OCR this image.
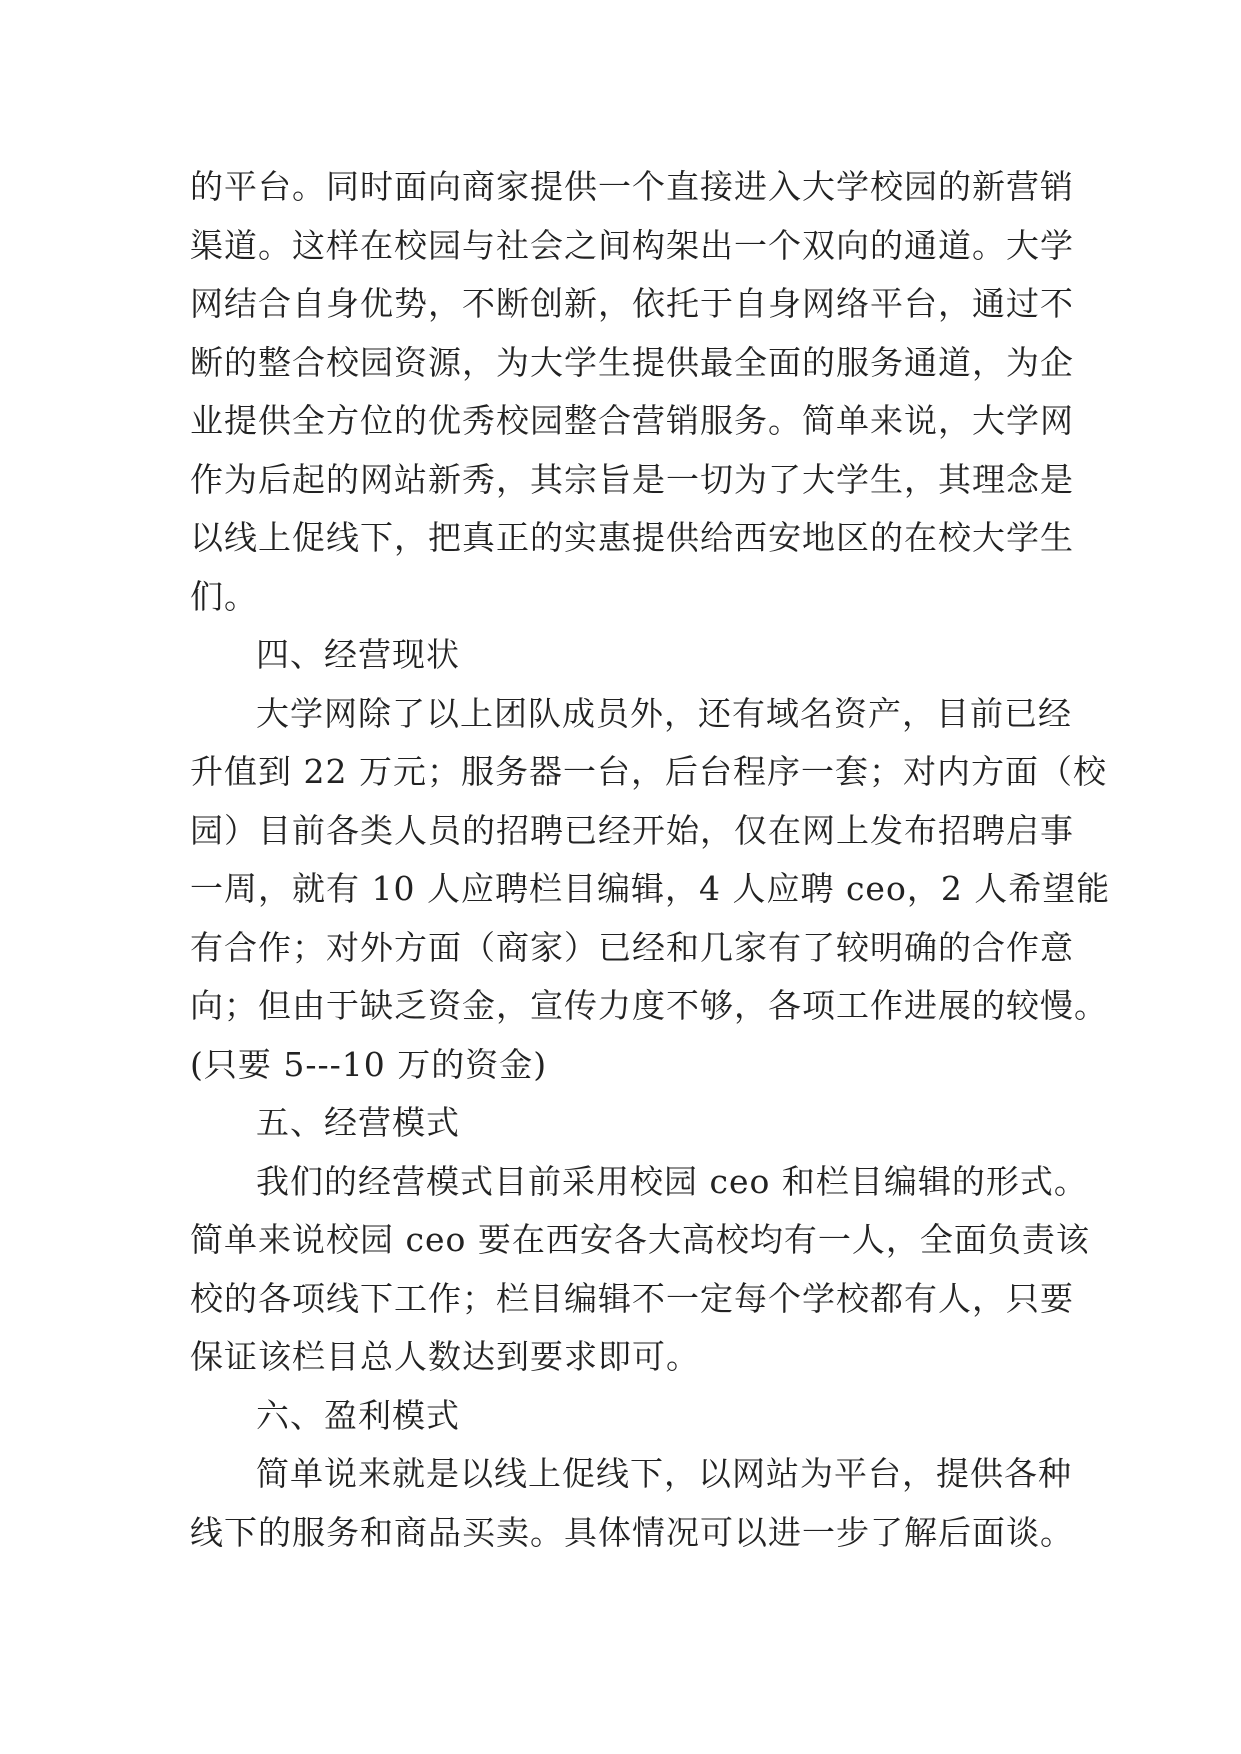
的平台。同时面向商家提供一个直接进入大学校园的新营销
渠道。这样在校园与社会之间构架出一个双向的通道。大学
网结合自身优势，不断创新，依托于自身网络平台，通过不
断的整合校园资源，为大学生提供最全面的服务通道，为企
业提供全方位的优秀校园整合营销服务。简单来说，大学网
作为后起的网站新秀，其宗旨是一切为了大学生，其理念是
以线上促线下，把真正的实惠提供给西安地区的在校大学生
们。
四、经营现状
大学网除了以上团队成员外，还有域名资产，目前已经
升值到 22 万元；服务器一台，后台程序一套；对内方面（校
园）目前各类人员的招聘已经开始，仅在网上发布招聘启事
一周，就有 10 人应聘栏目编辑，4 人应聘 ceo，2 人希望能
有合作；对外方面（商家）已经和几家有了较明确的合作意
向；但由于缺乏资金，宣传力度不够，各项工作进展的较慢。
(只要 5---10 万的资金)
五、经营模式
我们的经营模式目前采用校园 ceo 和栏目编辑的形式。
简单来说校园 ceo 要在西安各大高校均有一人，全面负责该
校的各项线下工作；栏目编辑不一定每个学校都有人，只要
保证该栏目总人数达到要求即可。
六、盈利模式
简单说来就是以线上促线下，以网站为平台，提供各种
线下的服务和商品买卖。具体情况可以进一步了解后面谈。
